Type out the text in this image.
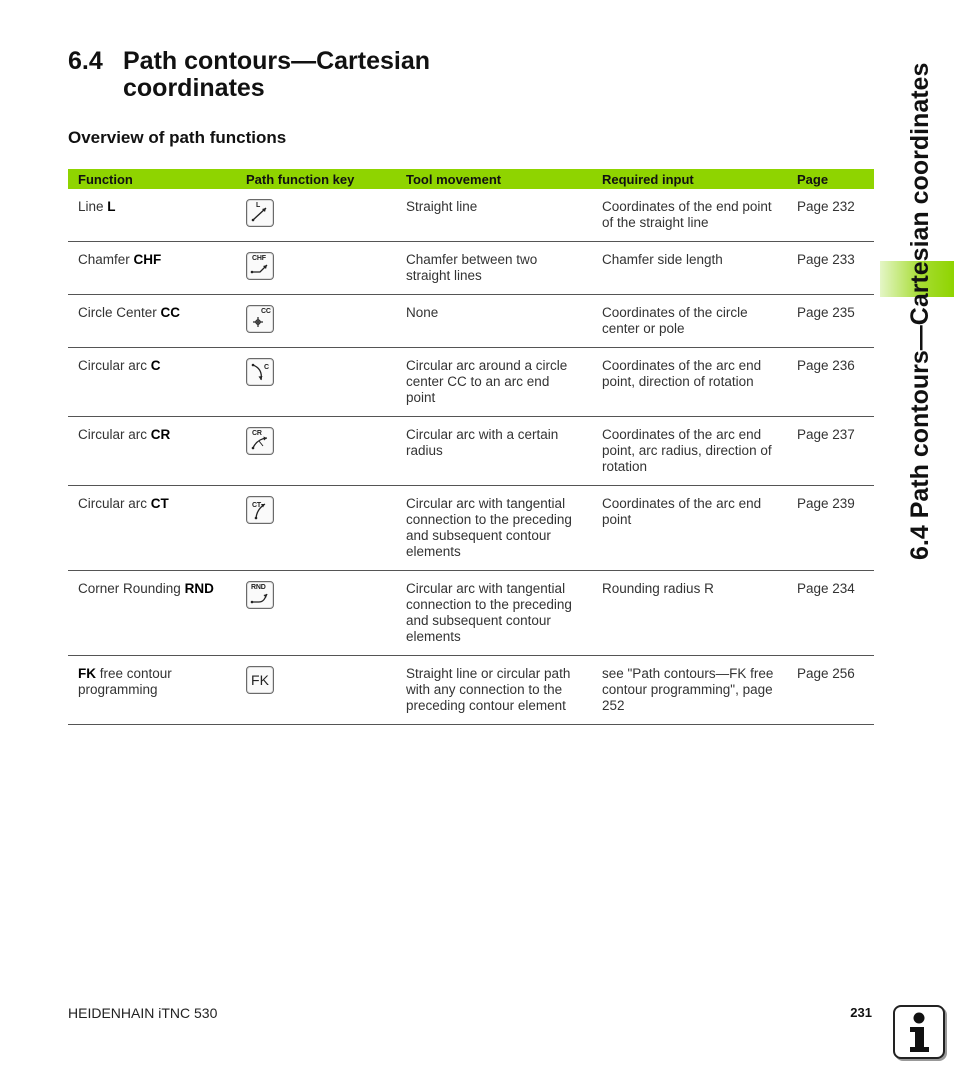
6.4 Path contours—Cartesian
coordinates
Overview of path functions
Function	Path function key	Tool movement	Required input	Page
Line L	L	Straight line	Coordinates of the end point of the straight line	Page 232
Chamfer CHF	CHF	Chamfer between two straight lines	Chamfer side length	Page 233
Circle Center CC	CC	None	Coordinates of the circle center or pole	Page 235
Circular arc C	C	Circular arc around a circle center CC to an arc end point	Coordinates of the arc end point, direction of rotation	Page 236
Circular arc CR	CR	Circular arc with a certain radius	Coordinates of the arc end point, arc radius, direction of rotation	Page 237
Circular arc CT	CT	Circular arc with tangential connection to the preceding and subsequent contour elements	Coordinates of the arc end point	Page 239
Corner Rounding RND	RND	Circular arc with tangential connection to the preceding and subsequent contour elements	Rounding radius R	Page 234
FK free contour programming	FK	Straight line or circular path with any connection to the preceding contour element	see "Path contours—FK free contour programming", page 252	Page 256
6.4 Path contours—Cartesian coordinates
HEIDENHAIN iTNC 530	231
